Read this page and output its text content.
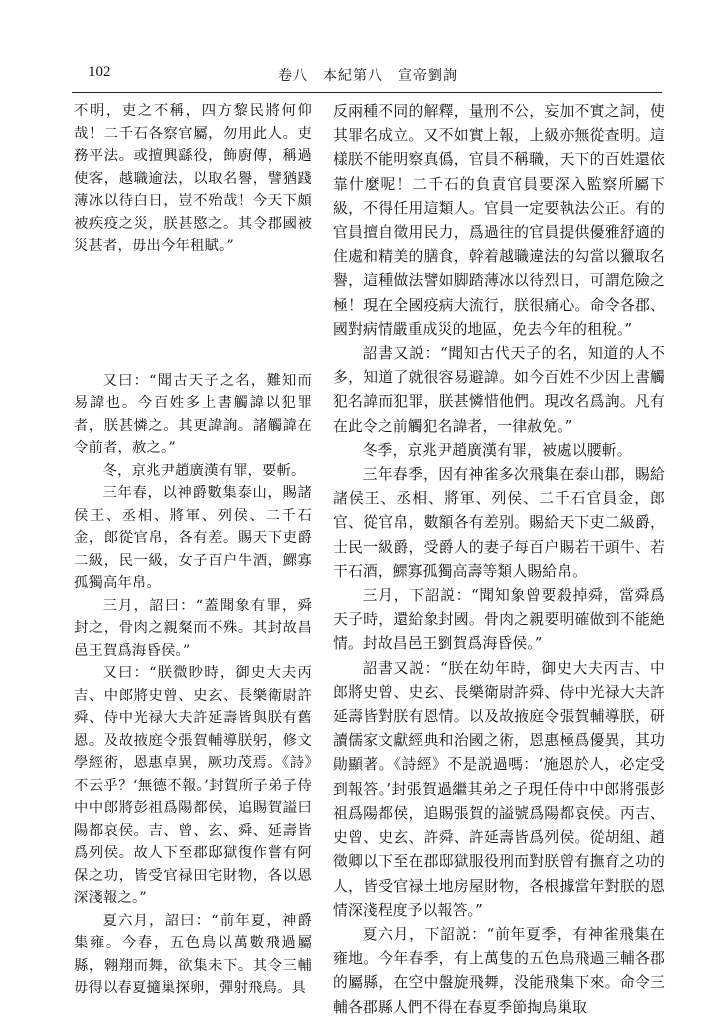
102	卷八　本紀第八　宣帝劉詢

不明，吏之不稱，四方黎民將何仰哉！二千石各察官屬，勿用此人。吏務平法。或擅興繇役，飾廚傳，稱過使客，越職逾法，以取名譽，譬猶踐薄冰以待白日，豈不殆哉！今天下頗被疾疫之災，朕甚愍之。其令郡國被災甚者，毋出今年租賦。”

又曰：“聞古天子之名，難知而易諱也。今百姓多上書觸諱以犯罪者，朕甚憐之。其更諱詢。諸觸諱在令前者，赦之。”

冬，京兆尹趙廣漢有罪，要斬。

三年春，以神爵數集泰山，賜諸侯王、丞相、將軍、列侯、二千石金，郎從官帛，各有差。賜天下吏爵二級，民一級，女子百户牛酒，鰥寡孤獨高年帛。

三月，詔曰：“蓋聞象有罪，舜封之，骨肉之親粲而不殊。其封故昌邑王賀爲海昏侯。”

又曰：“朕微眇時，御史大夫丙吉、中郎將史曾、史玄、長樂衛尉許舜、侍中光禄大夫許延壽皆與朕有舊恩。及故掖庭令張賀輔導朕躬，修文學經術，恩惠卓異，厥功茂焉。《詩》不云乎？‘無德不報。’封賀所子弟子侍中中郎將彭祖爲陽都侯，追賜賀謚曰陽都哀侯。吉、曾、玄、舜、延壽皆爲列侯。故人下至郡邸獄復作嘗有阿保之功，皆受官禄田宅財物，各以恩深淺報之。”

夏六月，詔曰：“前年夏，神爵集雍。今春，五色鳥以萬數飛過屬縣，翱翔而舞，欲集未下。其令三輔毋得以春夏擿巢探卵，彈射飛鳥。具

反兩種不同的解釋，量刑不公，妄加不實之詞，使其罪名成立。又不如實上報，上級亦無從查明。這樣朕不能明察真僞，官員不稱職，天下的百姓還依靠什麼呢！二千石的負責官員要深入監察所屬下級，不得任用這類人。官員一定要執法公正。有的官員擅自徵用民力，爲過往的官員提供優雅舒適的住處和精美的膳食，幹着越職違法的勾當以獵取名譽，這種做法譬如脚踏薄冰以待烈日，可謂危險之極！現在全國疫病大流行，朕很痛心。命令各郡、國對病情嚴重成災的地區，免去今年的租稅。”

詔書又説：“聞知古代天子的名，知道的人不多，知道了就很容易避諱。如今百姓不少因上書觸犯名諱而犯罪，朕甚憐惜他們。現改名爲詢。凡有在此令之前觸犯名諱者，一律赦免。”

冬季，京兆尹趙廣漢有罪，被處以腰斬。

三年春季，因有神雀多次飛集在泰山郡，賜給諸侯王、丞相、將軍、列侯、二千石官員金，郎官、從官帛，數額各有差别。賜給天下吏二級爵，士民一級爵，受爵人的妻子每百户賜若干頭牛、若干石酒，鰥寡孤獨高壽等類人賜給帛。

三月，下詔説：“聞知象曾要殺掉舜，當舜爲天子時，還給象封國。骨肉之親要明確做到不能絶情。封故昌邑王劉賀爲海昏侯。”

詔書又説：“朕在幼年時，御史大夫丙吉、中郎將史曾、史玄、長樂衛尉許舜、侍中光禄大夫許延壽皆對朕有恩情。以及故掖庭令張賀輔導朕，研讀儒家文獻經典和治國之術，恩惠極爲優異，其功勛顯著。《詩經》不是説過嗎：‘施恩於人，必定受到報答。’封張賀過繼其弟之子現任侍中中郎將張彭祖爲陽都侯，追賜張賀的謚號爲陽都哀侯。丙吉、史曾、史玄、許舜、許延壽皆爲列侯。從胡組、趙徵卿以下至在郡邸獄服役刑而對朕曾有撫育之功的人，皆受官禄土地房屋財物，各根據當年對朕的恩情深淺程度予以報答。”

夏六月，下詔説：“前年夏季，有神雀飛集在雍地。今年春季，有上萬隻的五色鳥飛過三輔各郡的屬縣，在空中盤旋飛舞，没能飛集下來。命令三輔各郡縣人們不得在春夏季節掏鳥巢取
